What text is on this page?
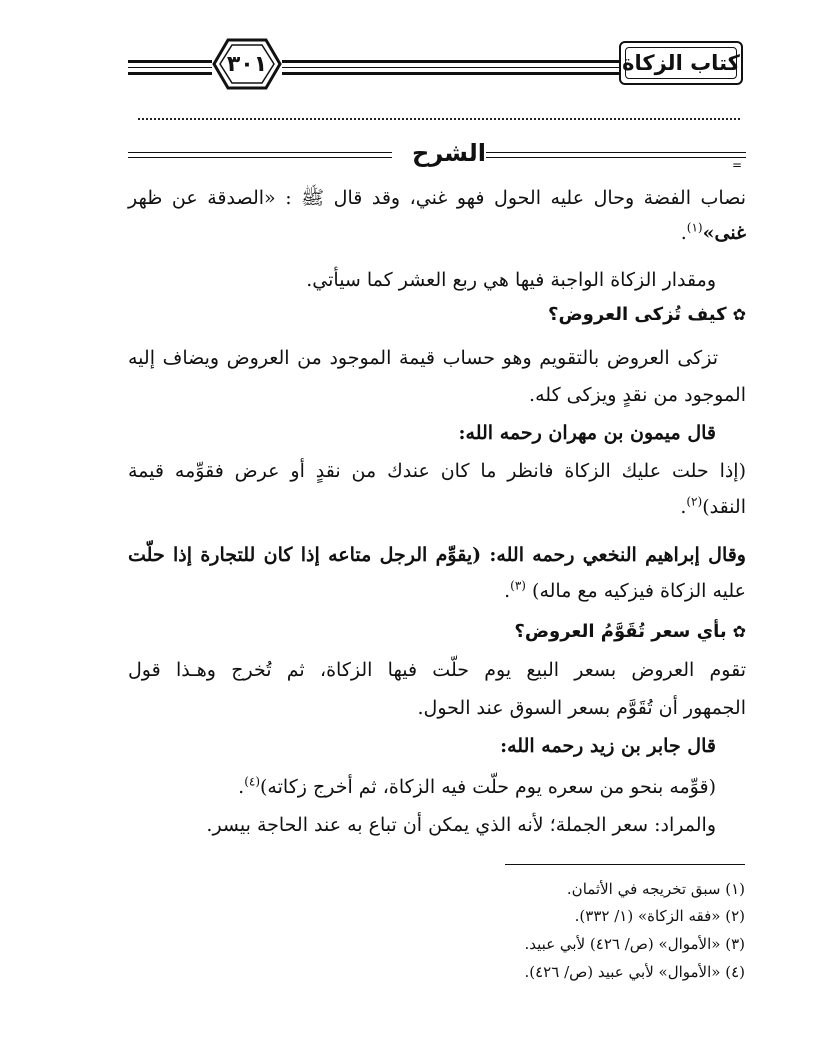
٣٠١	كتاب الزكاة
الشرح	=
نصاب الفضة وحال عليه الحول فهو غني، وقد قال ﷺ : «الصدقة عن ظهر
غنى»$^{(١)}$.
ومقدار الزكاة الواجبة فيها هي ربع العشر كما سيأتي.
✿كيف تُزكى العروض؟
تزكى العروض بالتقويم وهو حساب قيمة الموجود من العروض ويضاف إليه
الموجود من نقدٍ ويزكى كله.
قال ميمون بن مهران رحمه الله:
(إذا حلت عليك الزكاة فانظر ما كان عندك من نقدٍ أو عرض فقوِّمه قيمة
النقد)$^{(٢)}$.
وقال إبراهيم النخعي رحمه الله: (يقوِّم الرجل متاعه إذا كان للتجارة إذا حلّت
عليه الزكاة فيزكيه مع ماله) $^{(٣)}$.
✿بأي سعر تُقَوَّمُ العروض؟
تقوم العروض بسعر البيع يوم حلّت فيها الزكاة، ثم تُخرج وهـذا قول
الجمهور أن تُقَوَّم بسعر السوق عند الحول.
قال جابر بن زيد رحمه الله:
(قوِّمه بنحو من سعره يوم حلّت فيه الزكاة، ثم أخرج زكاته)$^{(٤)}$.
والمراد: سعر الجملة؛ لأنه الذي يمكن أن تباع به عند الحاجة بيسر.
(١) سبق تخريجه في الأثمان.
(٢) «فقه الزكاة» (١/ ٣٣٢).
(٣) «الأموال» (ص/ ٤٢٦) لأبي عبيد.
(٤) «الأموال» لأبي عبيد (ص/ ٤٢٦).
